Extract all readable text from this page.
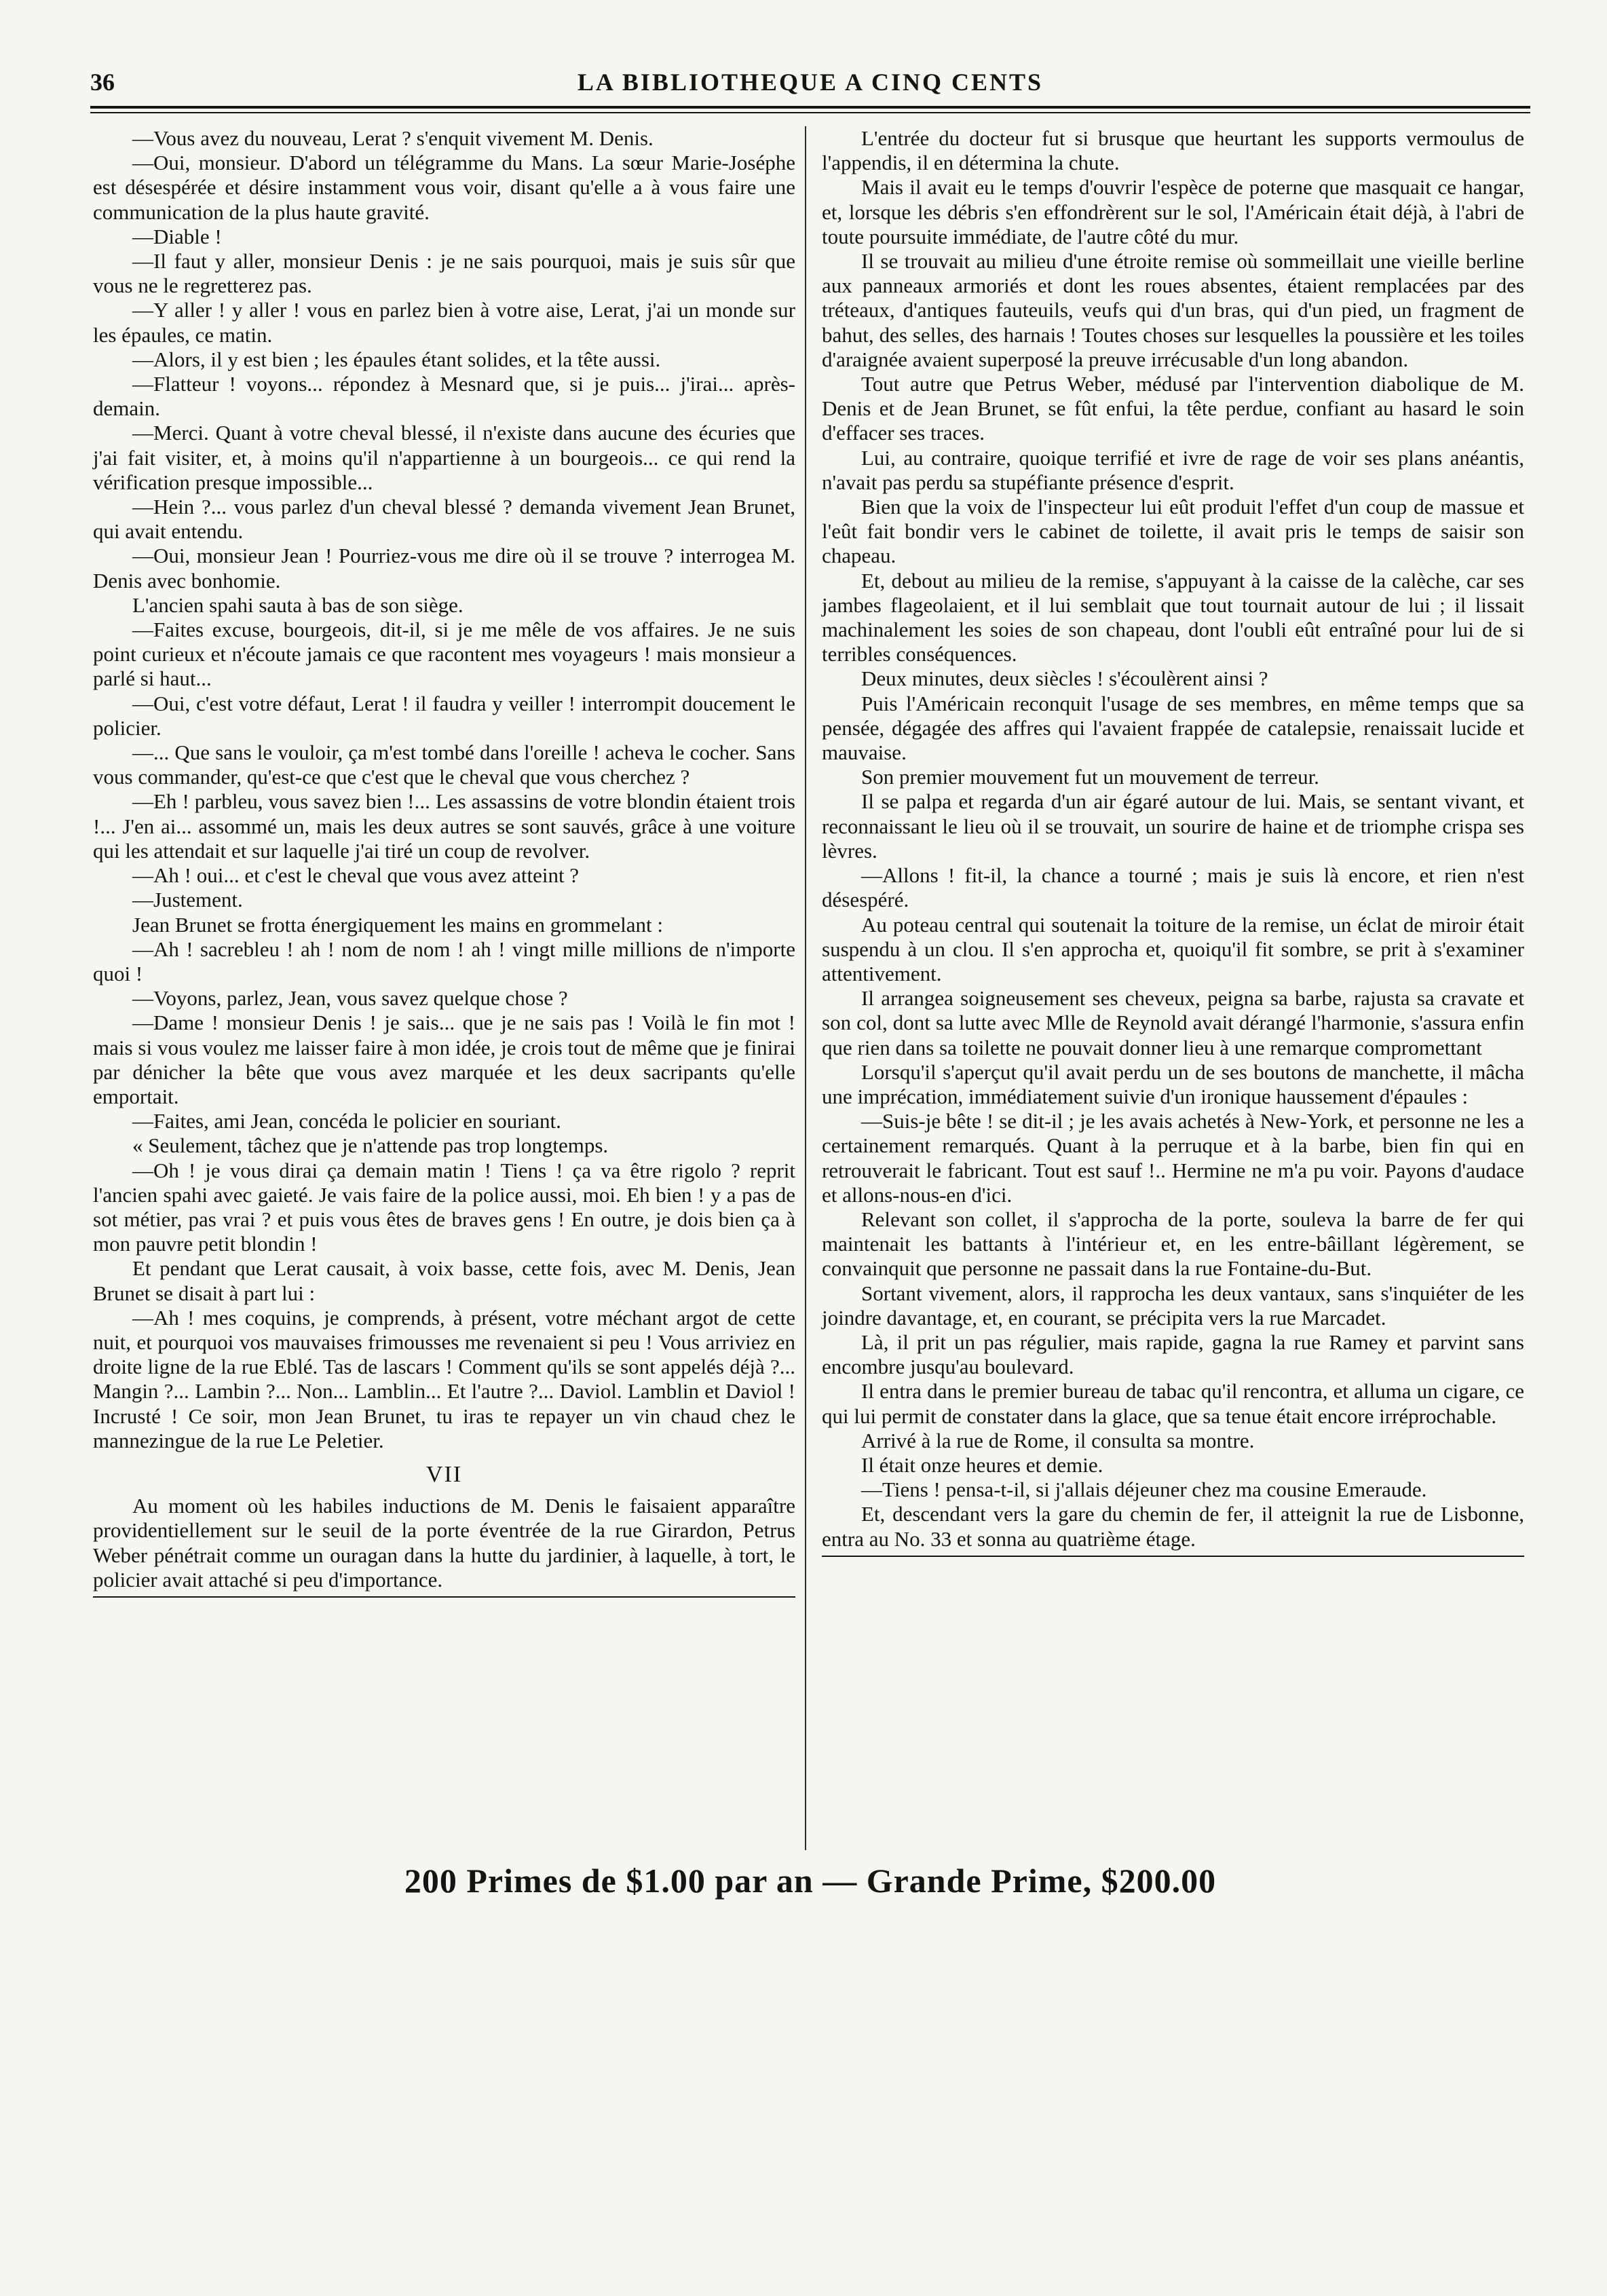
36	LA BIBLIOTHEQUE A CINQ CENTS

—Vous avez du nouveau, Lerat ? s'enquit vivement M. Denis.

—Oui, monsieur. D'abord un télégramme du Mans. La sœur Marie-Joséphe est désespérée et désire instamment vous voir, disant qu'elle a à vous faire une communication de la plus haute gravité.

—Diable !

—Il faut y aller, monsieur Denis : je ne sais pourquoi, mais je suis sûr que vous ne le regretterez pas.

—Y aller ! y aller ! vous en parlez bien à votre aise, Lerat, j'ai un monde sur les épaules, ce matin.

—Alors, il y est bien ; les épaules étant solides, et la tête aussi.

—Flatteur ! voyons... répondez à Mesnard que, si je puis... j'irai... après-demain.

—Merci. Quant à votre cheval blessé, il n'existe dans aucune des écuries que j'ai fait visiter, et, à moins qu'il n'appartienne à un bourgeois... ce qui rend la vérification presque impossible...

—Hein ?... vous parlez d'un cheval blessé ? demanda vivement Jean Brunet, qui avait entendu.

—Oui, monsieur Jean ! Pourriez-vous me dire où il se trouve ? interrogea M. Denis avec bonhomie.

L'ancien spahi sauta à bas de son siège.

—Faites excuse, bourgeois, dit-il, si je me mêle de vos affaires. Je ne suis point curieux et n'écoute jamais ce que racontent mes voyageurs ! mais monsieur a parlé si haut...

—Oui, c'est votre défaut, Lerat ! il faudra y veiller ! interrompit doucement le policier.

—... Que sans le vouloir, ça m'est tombé dans l'oreille ! acheva le cocher. Sans vous commander, qu'est-ce que c'est que le cheval que vous cherchez ?

—Eh ! parbleu, vous savez bien !... Les assassins de votre blondin étaient trois !... J'en ai... assommé un, mais les deux autres se sont sauvés, grâce à une voiture qui les attendait et sur laquelle j'ai tiré un coup de revolver.

—Ah ! oui... et c'est le cheval que vous avez atteint ?

—Justement.

Jean Brunet se frotta énergiquement les mains en grommelant :

—Ah ! sacrebleu ! ah ! nom de nom ! ah ! vingt mille millions de n'importe quoi !

—Voyons, parlez, Jean, vous savez quelque chose ?

—Dame ! monsieur Denis ! je sais... que je ne sais pas ! Voilà le fin mot ! mais si vous voulez me laisser faire à mon idée, je crois tout de même que je finirai par dénicher la bête que vous avez marquée et les deux sacripants qu'elle emportait.

—Faites, ami Jean, concéda le policier en souriant.

« Seulement, tâchez que je n'attende pas trop longtemps.

—Oh ! je vous dirai ça demain matin ! Tiens ! ça va être rigolo ? reprit l'ancien spahi avec gaieté. Je vais faire de la police aussi, moi. Eh bien ! y a pas de sot métier, pas vrai ? et puis vous êtes de braves gens ! En outre, je dois bien ça à mon pauvre petit blondin !

Et pendant que Lerat causait, à voix basse, cette fois, avec M. Denis, Jean Brunet se disait à part lui :

—Ah ! mes coquins, je comprends, à présent, votre méchant argot de cette nuit, et pourquoi vos mauvaises frimousses me revenaient si peu ! Vous arriviez en droite ligne de la rue Eblé. Tas de lascars ! Comment qu'ils se sont appelés déjà ?... Mangin ?... Lambin ?... Non... Lamblin... Et l'autre ?... Daviol. Lamblin et Daviol ! Incrusté ! Ce soir, mon Jean Brunet, tu iras te repayer un vin chaud chez le mannezingue de la rue Le Peletier.

VII

Au moment où les habiles inductions de M. Denis le faisaient apparaître providentiellement sur le seuil de la porte éventrée de la rue Girardon, Petrus Weber pénétrait comme un ouragan dans la hutte du jardinier, à laquelle, à tort, le policier avait attaché si peu d'importance.

L'entrée du docteur fut si brusque que heurtant les supports vermoulus de l'appendis, il en détermina la chute.

Mais il avait eu le temps d'ouvrir l'espèce de poterne que masquait ce hangar, et, lorsque les débris s'en effondrèrent sur le sol, l'Américain était déjà, à l'abri de toute poursuite immédiate, de l'autre côté du mur.

Il se trouvait au milieu d'une étroite remise où sommeillait une vieille berline aux panneaux armoriés et dont les roues absentes, étaient remplacées par des tréteaux, d'antiques fauteuils, veufs qui d'un bras, qui d'un pied, un fragment de bahut, des selles, des harnais ! Toutes choses sur lesquelles la poussière et les toiles d'araignée avaient superposé la preuve irrécusable d'un long abandon.

Tout autre que Petrus Weber, médusé par l'intervention diabolique de M. Denis et de Jean Brunet, se fût enfui, la tête perdue, confiant au hasard le soin d'effacer ses traces.

Lui, au contraire, quoique terrifié et ivre de rage de voir ses plans anéantis, n'avait pas perdu sa stupéfiante présence d'esprit.

Bien que la voix de l'inspecteur lui eût produit l'effet d'un coup de massue et l'eût fait bondir vers le cabinet de toilette, il avait pris le temps de saisir son chapeau.

Et, debout au milieu de la remise, s'appuyant à la caisse de la calèche, car ses jambes flageolaient, et il lui semblait que tout tournait autour de lui ; il lissait machinalement les soies de son chapeau, dont l'oubli eût entraîné pour lui de si terribles conséquences.

Deux minutes, deux siècles ! s'écoulèrent ainsi ?

Puis l'Américain reconquit l'usage de ses membres, en même temps que sa pensée, dégagée des affres qui l'avaient frappée de catalepsie, renaissait lucide et mauvaise.

Son premier mouvement fut un mouvement de terreur.

Il se palpa et regarda d'un air égaré autour de lui. Mais, se sentant vivant, et reconnaissant le lieu où il se trouvait, un sourire de haine et de triomphe crispa ses lèvres.

—Allons ! fit-il, la chance a tourné ; mais je suis là encore, et rien n'est désespéré.

Au poteau central qui soutenait la toiture de la remise, un éclat de miroir était suspendu à un clou. Il s'en approcha et, quoiqu'il fit sombre, se prit à s'examiner attentivement.

Il arrangea soigneusement ses cheveux, peigna sa barbe, rajusta sa cravate et son col, dont sa lutte avec Mlle de Reynold avait dérangé l'harmonie, s'assura enfin que rien dans sa toilette ne pouvait donner lieu à une remarque compromettant

Lorsqu'il s'aperçut qu'il avait perdu un de ses boutons de manchette, il mâcha une imprécation, immédiatement suivie d'un ironique haussement d'épaules :

—Suis-je bête ! se dit-il ; je les avais achetés à New-York, et personne ne les a certainement remarqués. Quant à la perruque et à la barbe, bien fin qui en retrouverait le fabricant. Tout est sauf !.. Hermine ne m'a pu voir. Payons d'audace et allons-nous-en d'ici.

Relevant son collet, il s'approcha de la porte, souleva la barre de fer qui maintenait les battants à l'intérieur et, en les entre-bâillant légèrement, se convainquit que personne ne passait dans la rue Fontaine-du-But.

Sortant vivement, alors, il rapprocha les deux vantaux, sans s'inquiéter de les joindre davantage, et, en courant, se précipita vers la rue Marcadet.

Là, il prit un pas régulier, mais rapide, gagna la rue Ramey et parvint sans encombre jusqu'au boulevard.

Il entra dans le premier bureau de tabac qu'il rencontra, et alluma un cigare, ce qui lui permit de constater dans la glace, que sa tenue était encore irréprochable.

Arrivé à la rue de Rome, il consulta sa montre.

Il était onze heures et demie.

—Tiens ! pensa-t-il, si j'allais déjeuner chez ma cousine Emeraude.

Et, descendant vers la gare du chemin de fer, il atteignit la rue de Lisbonne, entra au No. 33 et sonna au quatrième étage.

200 Primes de $1.00 par an — Grande Prime, $200.00
